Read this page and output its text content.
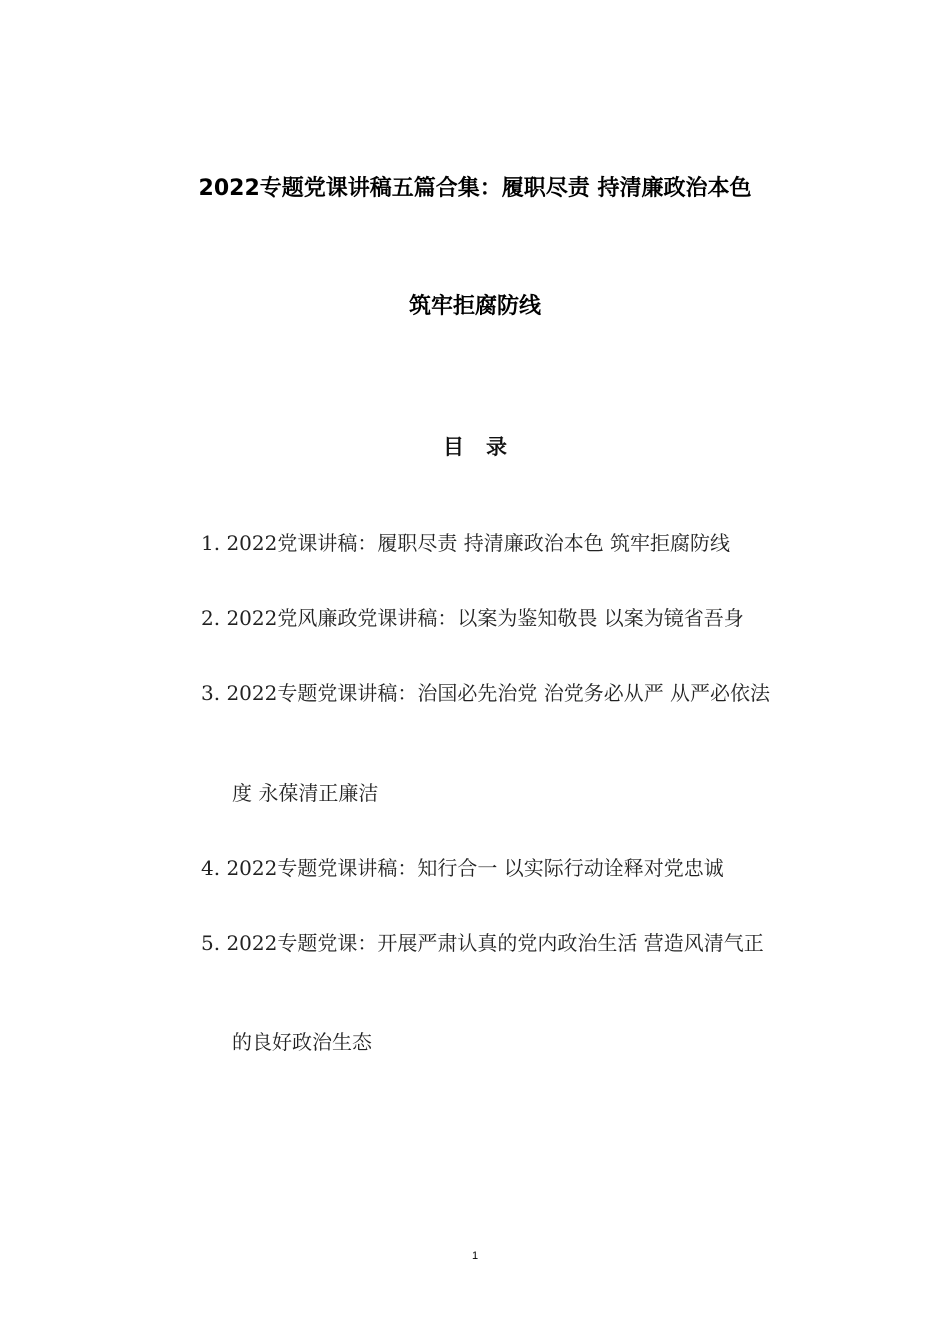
2022专题党课讲稿五篇合集：履职尽责 持清廉政治本色
筑牢拒腐防线
目录
1. 2022党课讲稿：履职尽责 持清廉政治本色 筑牢拒腐防线
2. 2022党风廉政党课讲稿：以案为鉴知敬畏 以案为镜省吾身
3. 2022专题党课讲稿：治国必先治党 治党务必从严 从严必依法
度 永葆清正廉洁
4. 2022专题党课讲稿：知行合一 以实际行动诠释对党忠诚
5. 2022专题党课：开展严肃认真的党内政治生活 营造风清气正
的良好政治生态
1
